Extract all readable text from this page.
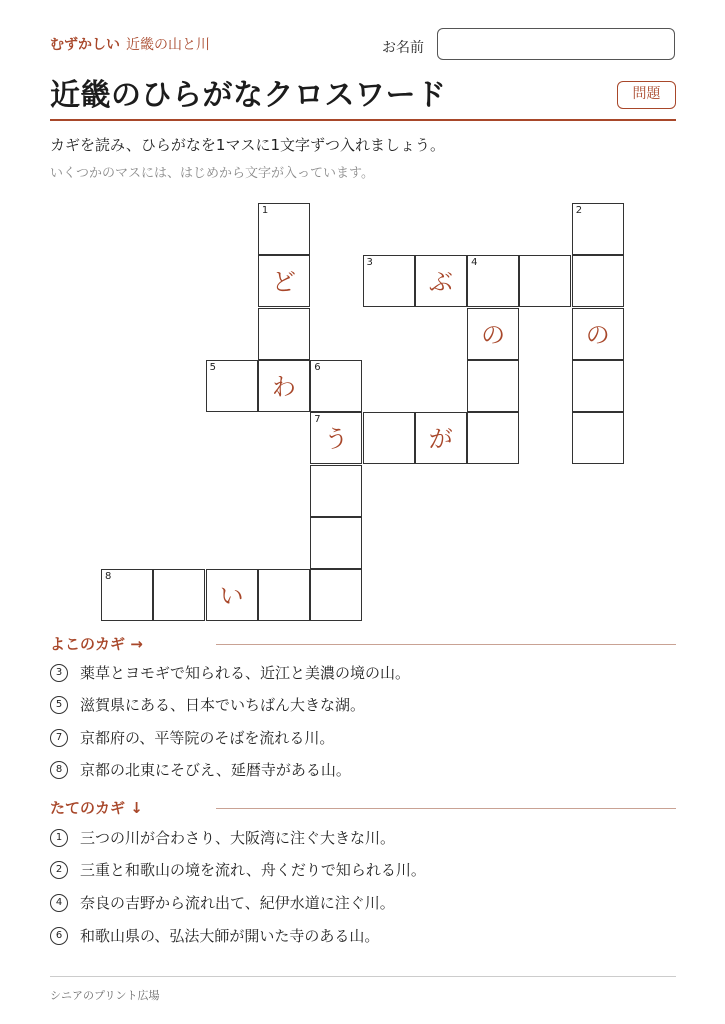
むずかしい 近畿の山と川	お名前
近畿のひらがなクロスワード	問題
カギを読み、ひらがなを1マスに1文字ずつ入れましょう。
いくつかのマスには、はじめから文字が入っています。
1	2
ど
3
ぶ
4
の	の
5
わ
6
7
う	が
8
い
よこのカギ →
3	薬草とヨモギで知られる、近江と美濃の境の山。
5	滋賀県にある、日本でいちばん大きな湖。
7	京都府の、平等院のそばを流れる川。
8	京都の北東にそびえ、延暦寺がある山。
たてのカギ ↓
1	三つの川が合わさり、大阪湾に注ぐ大きな川。
2	三重と和歌山の境を流れ、舟くだりで知られる川。
4	奈良の吉野から流れ出て、紀伊水道に注ぐ川。
6	和歌山県の、弘法大師が開いた寺のある山。
シニアのプリント広場
